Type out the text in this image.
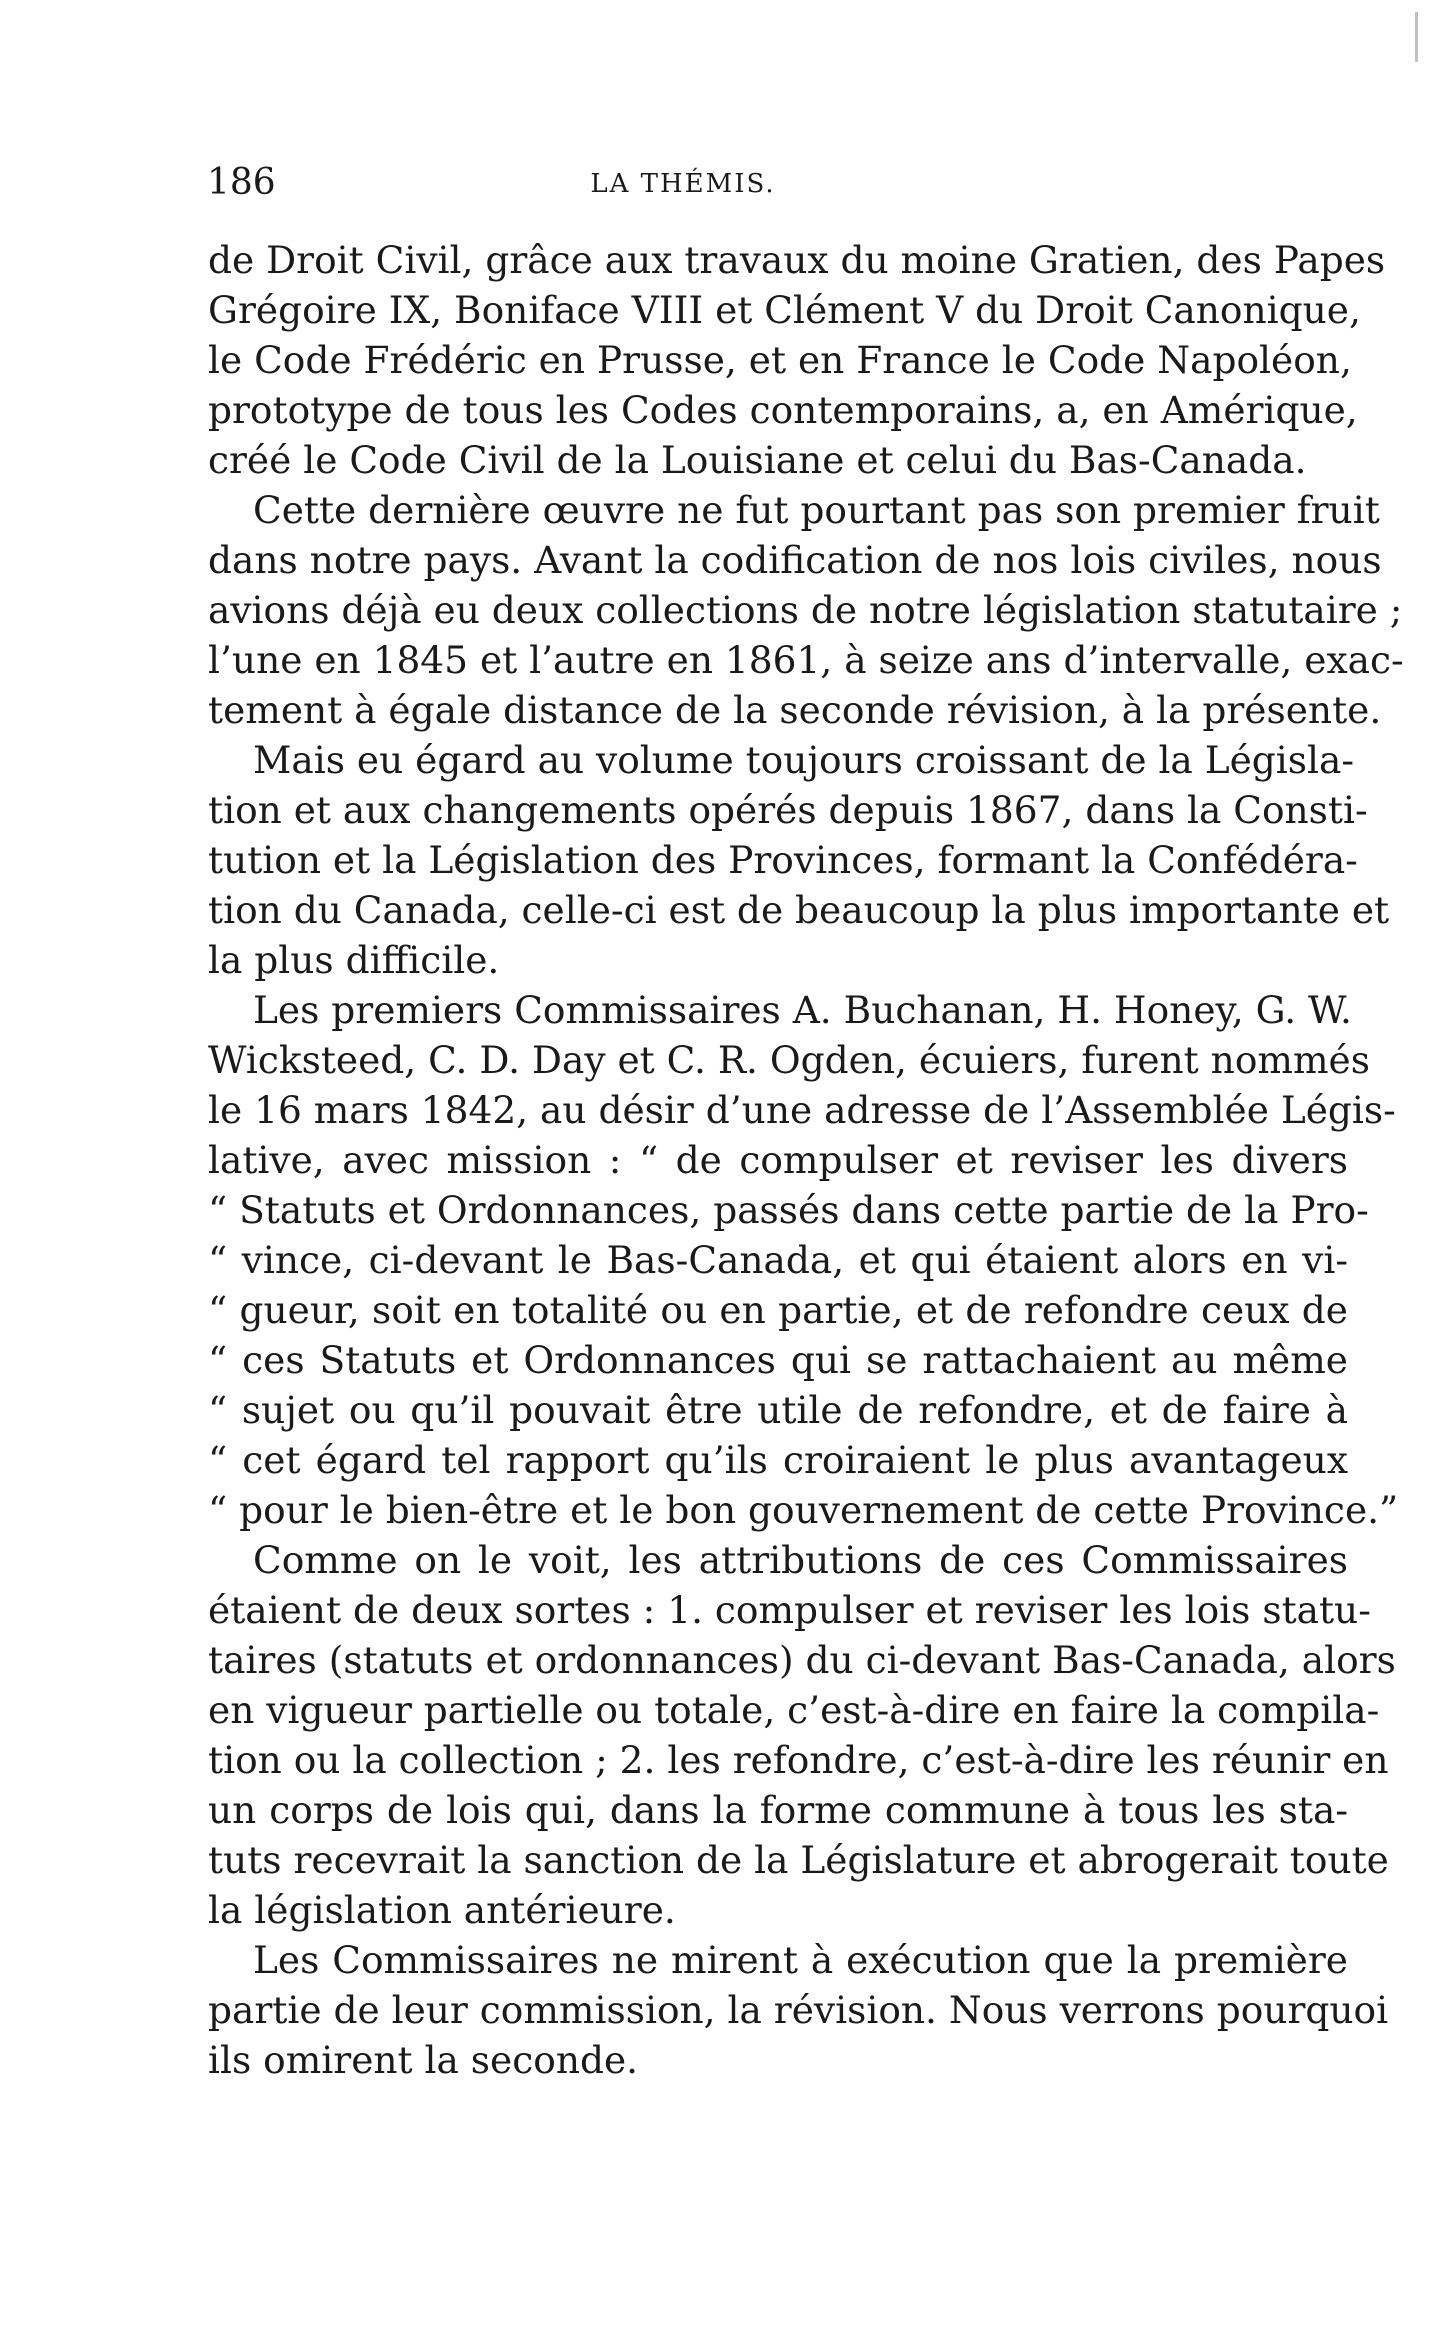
186	LA THÉMIS.
de Droit Civil, grâce aux travaux du moine Gratien, des Papes
Grégoire IX, Boniface VIII et Clément V du Droit Canonique,
le Code Frédéric en Prusse, et en France le Code Napoléon,
prototype de tous les Codes contemporains, a, en Amérique,
créé le Code Civil de la Louisiane et celui du Bas-Canada.
Cette dernière œuvre ne fut pourtant pas son premier fruit
dans notre pays. Avant la codification de nos lois civiles, nous
avions déjà eu deux collections de notre législation statutaire ;
l’une en 1845 et l’autre en 1861, à seize ans d’intervalle, exac-
tement à égale distance de la seconde révision, à la présente.
Mais eu égard au volume toujours croissant de la Législa-
tion et aux changements opérés depuis 1867, dans la Consti-
tution et la Législation des Provinces, formant la Confédéra-
tion du Canada, celle-ci est de beaucoup la plus importante et
la plus difficile.
Les premiers Commissaires A. Buchanan, H. Honey, G. W.
Wicksteed, C. D. Day et C. R. Ogden, écuiers, furent nommés
le 16 mars 1842, au désir d’une adresse de l’Assemblée Légis-
lative, avec mission : “ de compulser et reviser les divers
“ Statuts et Ordonnances, passés dans cette partie de la Pro-
“ vince, ci-devant le Bas-Canada, et qui étaient alors en vi-
“ gueur, soit en totalité ou en partie, et de refondre ceux de
“ ces Statuts et Ordonnances qui se rattachaient au même
“ sujet ou qu’il pouvait être utile de refondre, et de faire à
“ cet égard tel rapport qu’ils croiraient le plus avantageux
“ pour le bien-être et le bon gouvernement de cette Province.”
Comme on le voit, les attributions de ces Commissaires
étaient de deux sortes : 1. compulser et reviser les lois statu-
taires (statuts et ordonnances) du ci-devant Bas-Canada, alors
en vigueur partielle ou totale, c’est-à-dire en faire la compila-
tion ou la collection ; 2. les refondre, c’est-à-dire les réunir en
un corps de lois qui, dans la forme commune à tous les sta-
tuts recevrait la sanction de la Législature et abrogerait toute
la législation antérieure.
Les Commissaires ne mirent à exécution que la première
partie de leur commission, la révision. Nous verrons pourquoi
ils omirent la seconde.
